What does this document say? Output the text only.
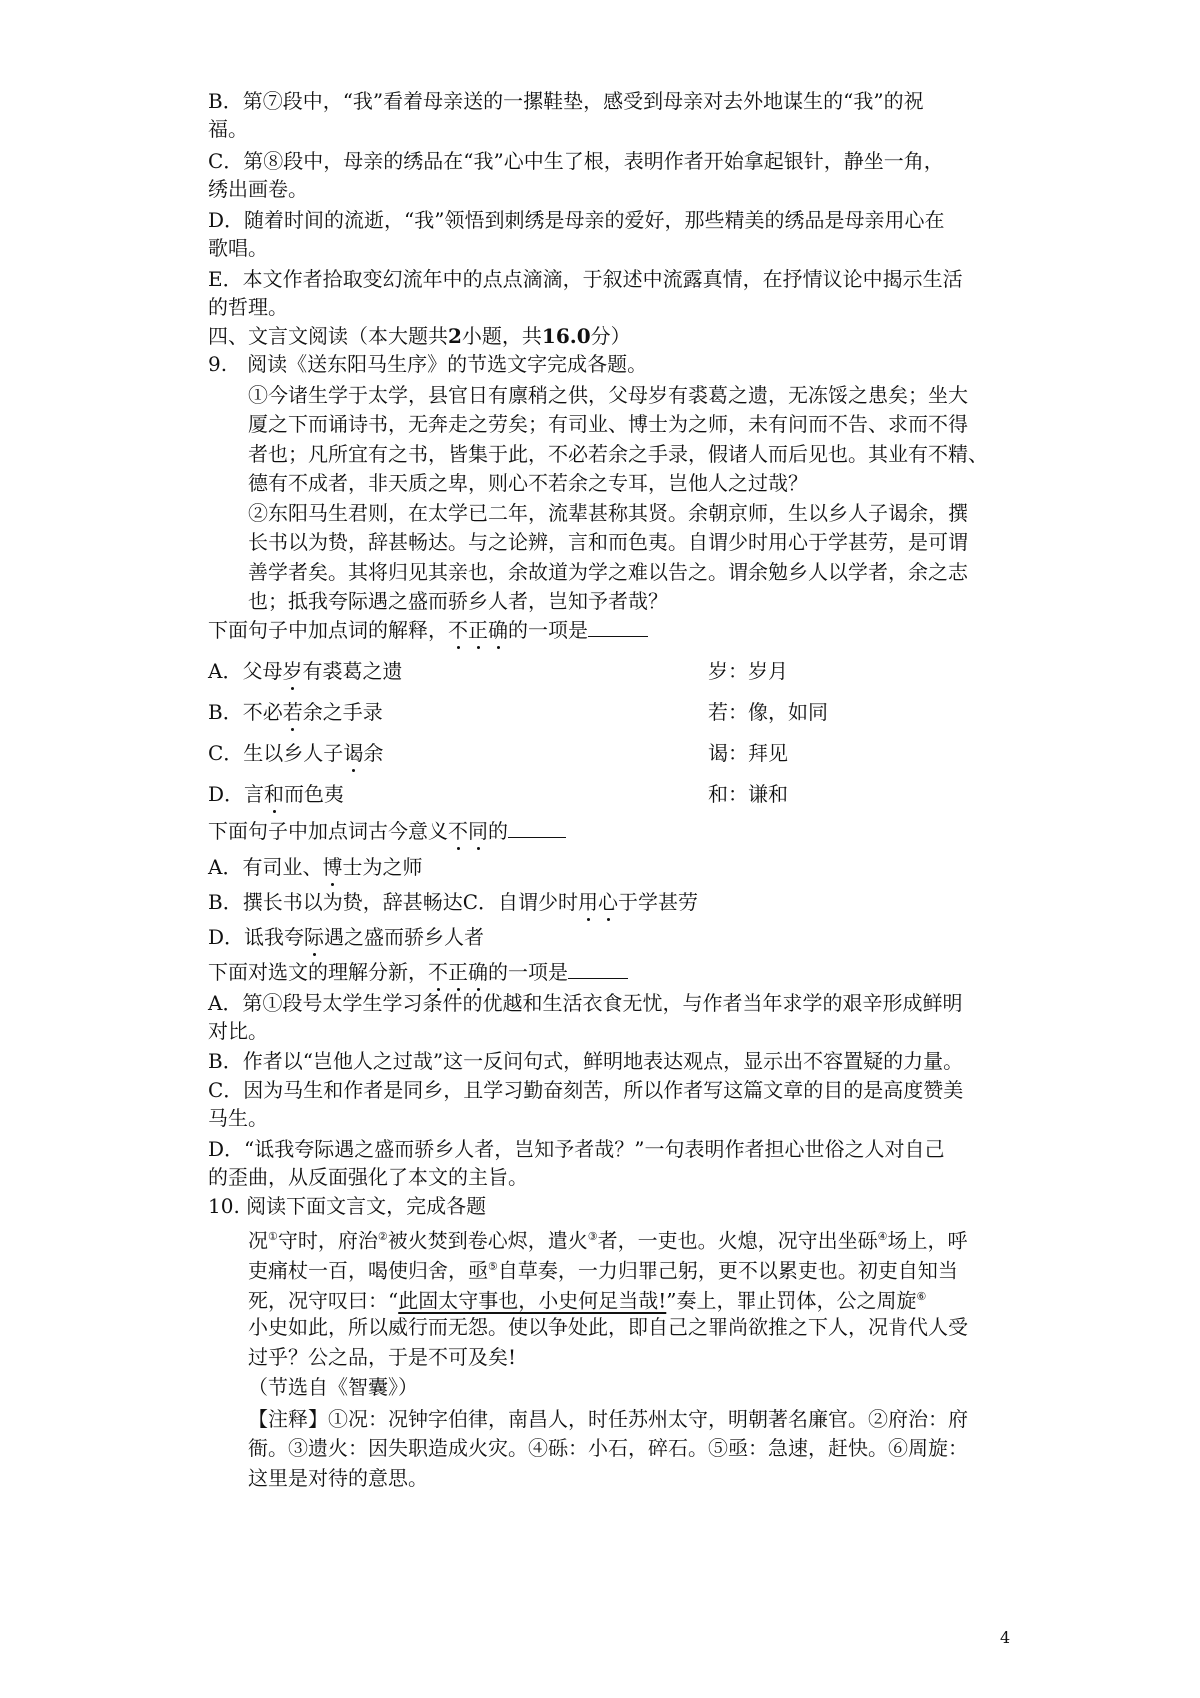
B．第⑦段中，“我”看着母亲送的一摞鞋垫，感受到母亲对去外地谋生的“我”的祝
福。
C．第⑧段中，母亲的绣品在“我”心中生了根，表明作者开始拿起银针，静坐一角，
绣出画卷。
D．随着时间的流逝，“我”领悟到刺绣是母亲的爱好，那些精美的绣品是母亲用心在
歌唱。
E．本文作者拾取变幻流年中的点点滴滴，于叙述中流露真情，在抒情议论中揭示生活
的哲理。
四、文言文阅读（本大题共2小题，共16.0分）
9.　阅读《送东阳马生序》的节选文字完成各题。
①今诸生学于太学，县官日有廪稍之供，父母岁有裘葛之遗，无冻馁之患矣；坐大
厦之下而诵诗书，无奔走之劳矣；有司业、博士为之师，未有问而不告、求而不得
者也；凡所宜有之书，皆集于此，不必若余之手录，假诸人而后见也。其业有不精、
德有不成者，非天质之卑，则心不若余之专耳，岂他人之过哉？
②东阳马生君则，在太学已二年，流辈甚称其贤。余朝京师，生以乡人子谒余，撰
长书以为贽，辞甚畅达。与之论辨，言和而色夷。自谓少时用心于学甚劳，是可谓
善学者矣。其将归见其亲也，余故道为学之难以告之。谓余勉乡人以学者，余之志
也；抵我夸际遇之盛而骄乡人者，岂知予者哉？
下面句子中加点词的解释，不正确的一项是
A．父母岁有裘葛之遗	岁：岁月
B．不必若余之手录	若：像，如同
C．生以乡人子谒余	谒：拜见
D．言和而色夷	和：谦和
下面句子中加点词古今意义不同的
A．有司业、博士为之师
B．撰长书以为贽，辞甚畅达C．自谓少时用心于学甚劳
D．诋我夸际遇之盛而骄乡人者
下面对选文的理解分新，不正确的一项是
A．第①段号太学生学习条件的优越和生活衣食无忧，与作者当年求学的艰辛形成鲜明
对比。
B．作者以“岂他人之过哉”这一反问句式，鲜明地表达观点，显示出不容置疑的力量。
C．因为马生和作者是同乡，且学习勤奋刻苦，所以作者写这篇文章的目的是高度赞美
马生。
D．“诋我夸际遇之盛而骄乡人者，岂知予者哉？”一句表明作者担心世俗之人对自己
的歪曲，从反面强化了本文的主旨。
10. 阅读下面文言文，完成各题
况①守时，府治②被火焚到卷心烬，遣火③者，一吏也。火熄，况守出坐砾④场上，呼
吏痛杖一百，喝使归舍，亟⑤自草奏，一力归罪己躬，更不以累吏也。初吏自知当
死，况守叹曰：“此固太守事也，小史何足当哉!”奏上，罪止罚体，公之周旋⑥
小史如此，所以威行而无怨。使以争处此，即自己之罪尚欲推之下人，况肯代人受
过乎？公之品，于是不可及矣!
（节选自《智囊》）
【注释】①况：况钟字伯律，南昌人，时任苏州太守，明朝著名廉官。②府治：府
衙。③遗火：因失职造成火灾。④砾：小石，碎石。⑤亟：急速，赶快。⑥周旋：
这里是对待的意思。
4
